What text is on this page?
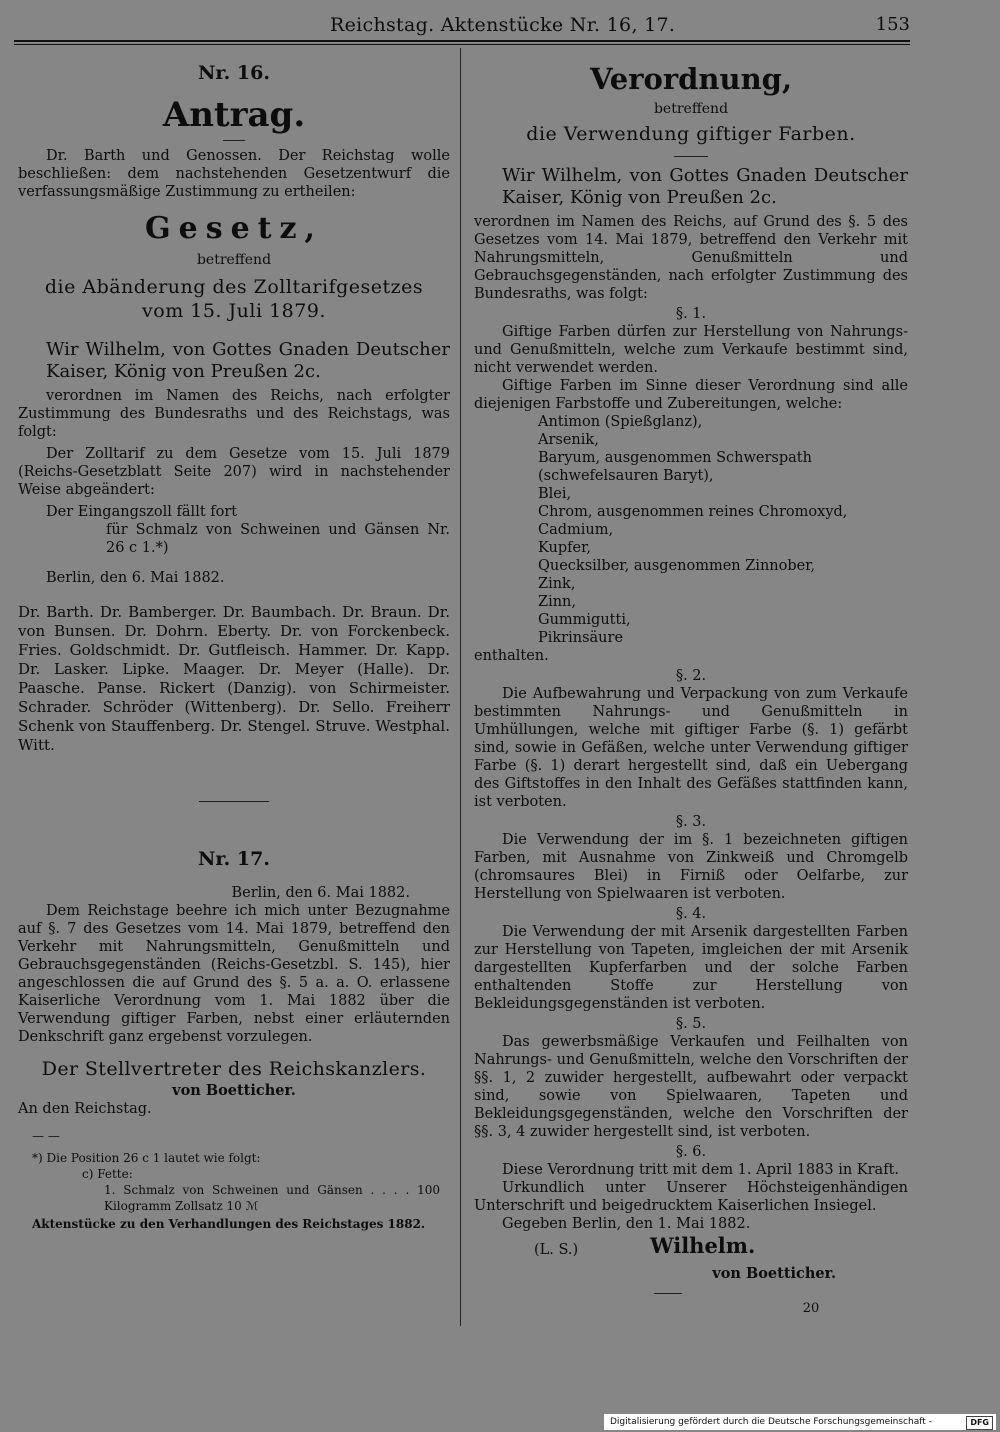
Reichstag. Aktenstücke Nr. 16, 17.	153

Nr. 16.

Antrag.

Dr. Barth und Genossen. Der Reichstag wolle beschließen: dem nachstehenden Gesetzentwurf die verfassungsmäßige Zustimmung zu ertheilen:

Gesetz,

betreffend

die Abänderung des Zolltarifgesetzes

vom 15. Juli 1879.

Wir Wilhelm, von Gottes Gnaden Deutscher Kaiser, König von Preußen 2c.

verordnen im Namen des Reichs, nach erfolgter Zustimmung des Bundesraths und des Reichstags, was folgt:

Der Zolltarif zu dem Gesetze vom 15. Juli 1879 (Reichs-Gesetzblatt Seite 207) wird in nachstehender Weise abgeändert:

Der Eingangszoll fällt fort

für Schmalz von Schweinen und Gänsen Nr. 26 c 1.*)

Berlin, den 6. Mai 1882.

Dr. Barth. Dr. Bamberger. Dr. Baumbach. Dr. Braun. Dr. von Bunsen. Dr. Dohrn. Eberty. Dr. von Forckenbeck. Fries. Goldschmidt. Dr. Gutfleisch. Hammer. Dr. Kapp. Dr. Lasker. Lipke. Maager. Dr. Meyer (Halle). Dr. Paasche. Panse. Rickert (Danzig). von Schirmeister. Schrader. Schröder (Wittenberg). Dr. Sello. Freiherr Schenk von Stauffenberg. Dr. Stengel. Struve. Westphal. Witt.

Nr. 17.

Berlin, den 6. Mai 1882.

Dem Reichstage beehre ich mich unter Bezugnahme auf §. 7 des Gesetzes vom 14. Mai 1879, betreffend den Verkehr mit Nahrungsmitteln, Genußmitteln und Gebrauchsgegenständen (Reichs-Gesetzbl. S. 145), hier angeschlossen die auf Grund des §. 5 a. a. O. erlassene Kaiserliche Verordnung vom 1. Mai 1882 über die Verwendung giftiger Farben, nebst einer erläuternden Denkschrift ganz ergebenst vorzulegen.

Der Stellvertreter des Reichskanzlers.

von Boetticher.

An den Reichstag.

— —

*) Die Position 26 c 1 lautet wie folgt:

c) Fette:

1. Schmalz von Schweinen und Gänsen . . . . 100 Kilogramm Zollsatz 10 ℳ

Aktenstücke zu den Verhandlungen des Reichstages 1882.

Verordnung,

betreffend

die Verwendung giftiger Farben.

Wir Wilhelm, von Gottes Gnaden Deutscher Kaiser, König von Preußen 2c.

verordnen im Namen des Reichs, auf Grund des §. 5 des Gesetzes vom 14. Mai 1879, betreffend den Verkehr mit Nahrungsmitteln, Genußmitteln und Gebrauchsgegenständen, nach erfolgter Zustimmung des Bundesraths, was folgt:

§. 1.

Giftige Farben dürfen zur Herstellung von Nahrungs- und Genußmitteln, welche zum Verkaufe bestimmt sind, nicht verwendet werden.

Giftige Farben im Sinne dieser Verordnung sind alle diejenigen Farbstoffe und Zubereitungen, welche:

Antimon (Spießglanz),

Arsenik,

Baryum, ausgenommen Schwerspath (schwefelsauren Baryt),

Blei,

Chrom, ausgenommen reines Chromoxyd,

Cadmium,

Kupfer,

Quecksilber, ausgenommen Zinnober,

Zink,

Zinn,

Gummigutti,

Pikrinsäure

enthalten.

§. 2.

Die Aufbewahrung und Verpackung von zum Verkaufe bestimmten Nahrungs- und Genußmitteln in Umhüllungen, welche mit giftiger Farbe (§. 1) gefärbt sind, sowie in Gefäßen, welche unter Verwendung giftiger Farbe (§. 1) derart hergestellt sind, daß ein Uebergang des Giftstoffes in den Inhalt des Gefäßes stattfinden kann, ist verboten.

§. 3.

Die Verwendung der im §. 1 bezeichneten giftigen Farben, mit Ausnahme von Zinkweiß und Chromgelb (chromsaures Blei) in Firniß oder Oelfarbe, zur Herstellung von Spielwaaren ist verboten.

§. 4.

Die Verwendung der mit Arsenik dargestellten Farben zur Herstellung von Tapeten, imgleichen der mit Arsenik dargestellten Kupferfarben und der solche Farben enthaltenden Stoffe zur Herstellung von Bekleidungsgegenständen ist verboten.

§. 5.

Das gewerbsmäßige Verkaufen und Feilhalten von Nahrungs- und Genußmitteln, welche den Vorschriften der §§. 1, 2 zuwider hergestellt, aufbewahrt oder verpackt sind, sowie von Spielwaaren, Tapeten und Bekleidungsgegenständen, welche den Vorschriften der §§. 3, 4 zuwider hergestellt sind, ist verboten.

§. 6.

Diese Verordnung tritt mit dem 1. April 1883 in Kraft.

Urkundlich unter Unserer Höchsteigenhändigen Unterschrift und beigedrucktem Kaiserlichen Insiegel.

Gegeben Berlin, den 1. Mai 1882.

(L. S.)	Wilhelm.

von Boetticher.

20

Digitalisierung gefördert durch die Deutsche Forschungsgemeinschaft -	DFG
